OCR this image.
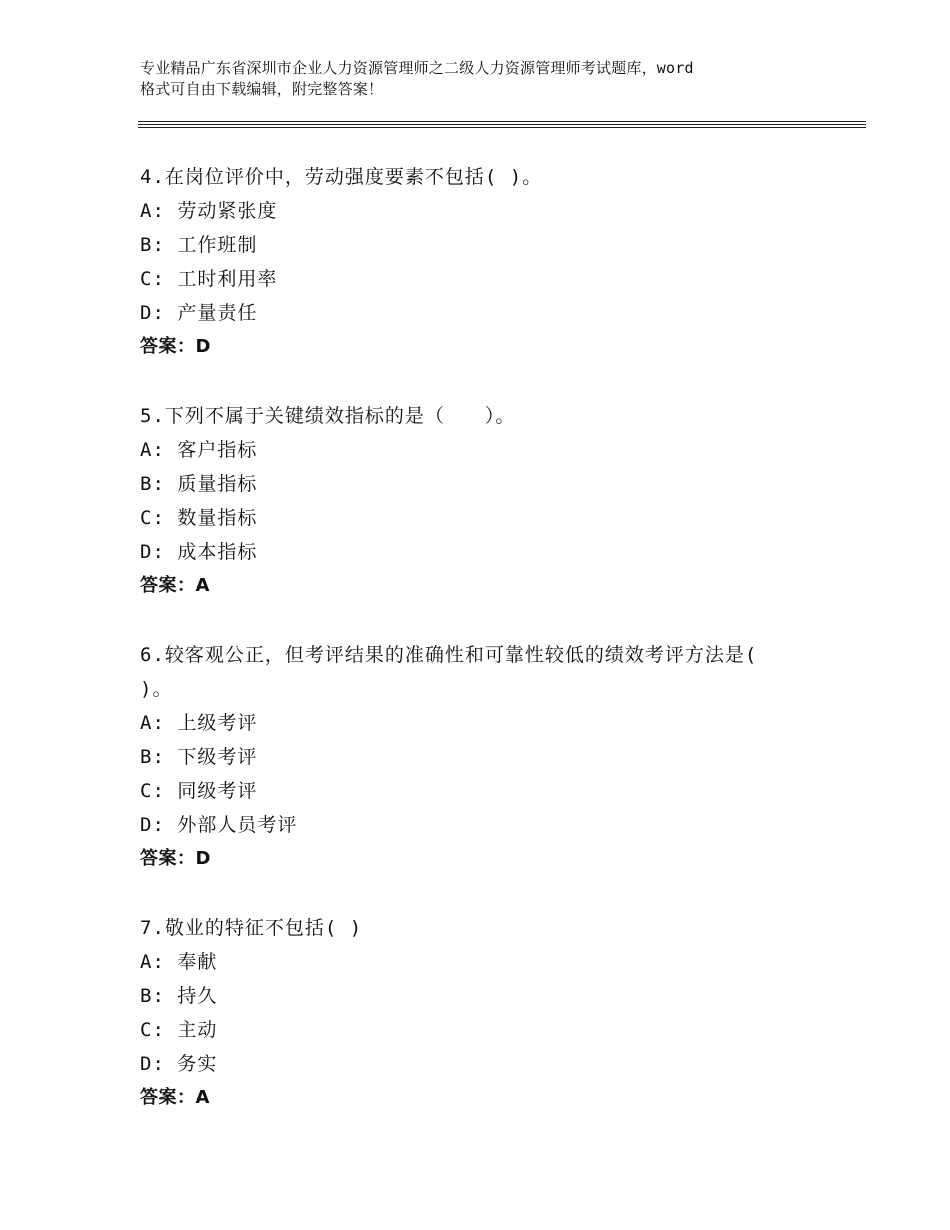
专业精品广东省深圳市企业人力资源管理师之二级人力资源管理师考试题库，word
格式可自由下载编辑，附完整答案！

4.在岗位评价中，劳动强度要素不包括( )。

A: 劳动紧张度

B: 工作班制

C: 工时利用率

D: 产量责任

答案：D

5.下列不属于关键绩效指标的是（　　）。

A: 客户指标

B: 质量指标

C: 数量指标

D: 成本指标

答案：A

6.较客观公正，但考评结果的准确性和可靠性较低的绩效考评方法是(

)。

A: 上级考评

B: 下级考评

C: 同级考评

D: 外部人员考评

答案：D

7.敬业的特征不包括( )

A: 奉献

B: 持久

C: 主动

D: 务实

答案：A
